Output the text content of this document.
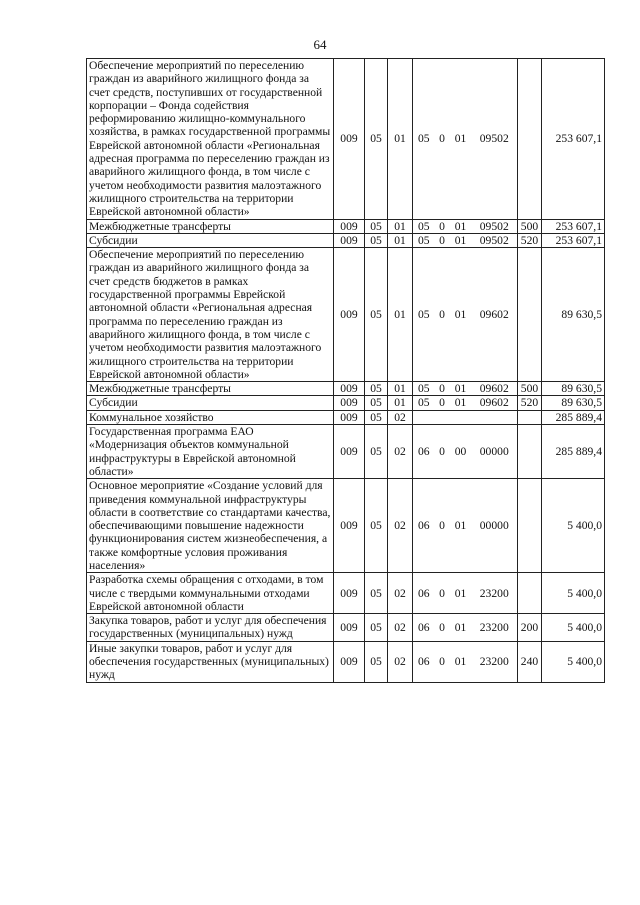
64
Обеспечение мероприятий по переселению граждан из аварийного жилищного фонда за счет средств, поступивших от государственной корпорации – Фонда содействия реформированию жилищно-коммунального хозяйства, в рамках государственной программы Еврейской автономной области «Региональная адресная программа по переселению граждан из аварийного жилищного фонда, в том числе с учетом необходимости развития малоэтажного жилищного строительства на территории Еврейской автономной области»	009	05	01	05	0	01	09502		253 607,1
Межбюджетные трансферты	009	05	01	05	0	01	09502	500	253 607,1
Субсидии	009	05	01	05	0	01	09502	520	253 607,1
Обеспечение мероприятий по переселению граждан из аварийного жилищного фонда за счет средств бюджетов в рамках государственной программы Еврейской автономной области «Региональная адресная программа по переселению граждан из аварийного жилищного фонда, в том числе с учетом необходимости развития малоэтажного жилищного строительства на территории Еврейской автономной области»	009	05	01	05	0	01	09602		89 630,5
Межбюджетные трансферты	009	05	01	05	0	01	09602	500	89 630,5
Субсидии	009	05	01	05	0	01	09602	520	89 630,5
Коммунальное хозяйство	009	05	02						285 889,4
Государственная программа ЕАО «Модернизация объектов коммунальной инфраструктуры в Еврейской автономной области»	009	05	02	06	0	00	00000		285 889,4
Основное мероприятие «Создание условий для приведения коммунальной инфраструктуры области в соответствие со стандартами качества, обеспечивающими повышение надежности функционирования систем жизнеобеспечения, а также комфортные условия проживания населения»	009	05	02	06	0	01	00000		5 400,0
Разработка схемы обращения с отходами, в том числе с твердыми коммунальными отходами Еврейской автономной области	009	05	02	06	0	01	23200		5 400,0
Закупка товаров, работ и услуг для обеспечения государственных (муниципальных) нужд	009	05	02	06	0	01	23200	200	5 400,0
Иные закупки товаров, работ и услуг для обеспечения государственных (муниципальных) нужд	009	05	02	06	0	01	23200	240	5 400,0
